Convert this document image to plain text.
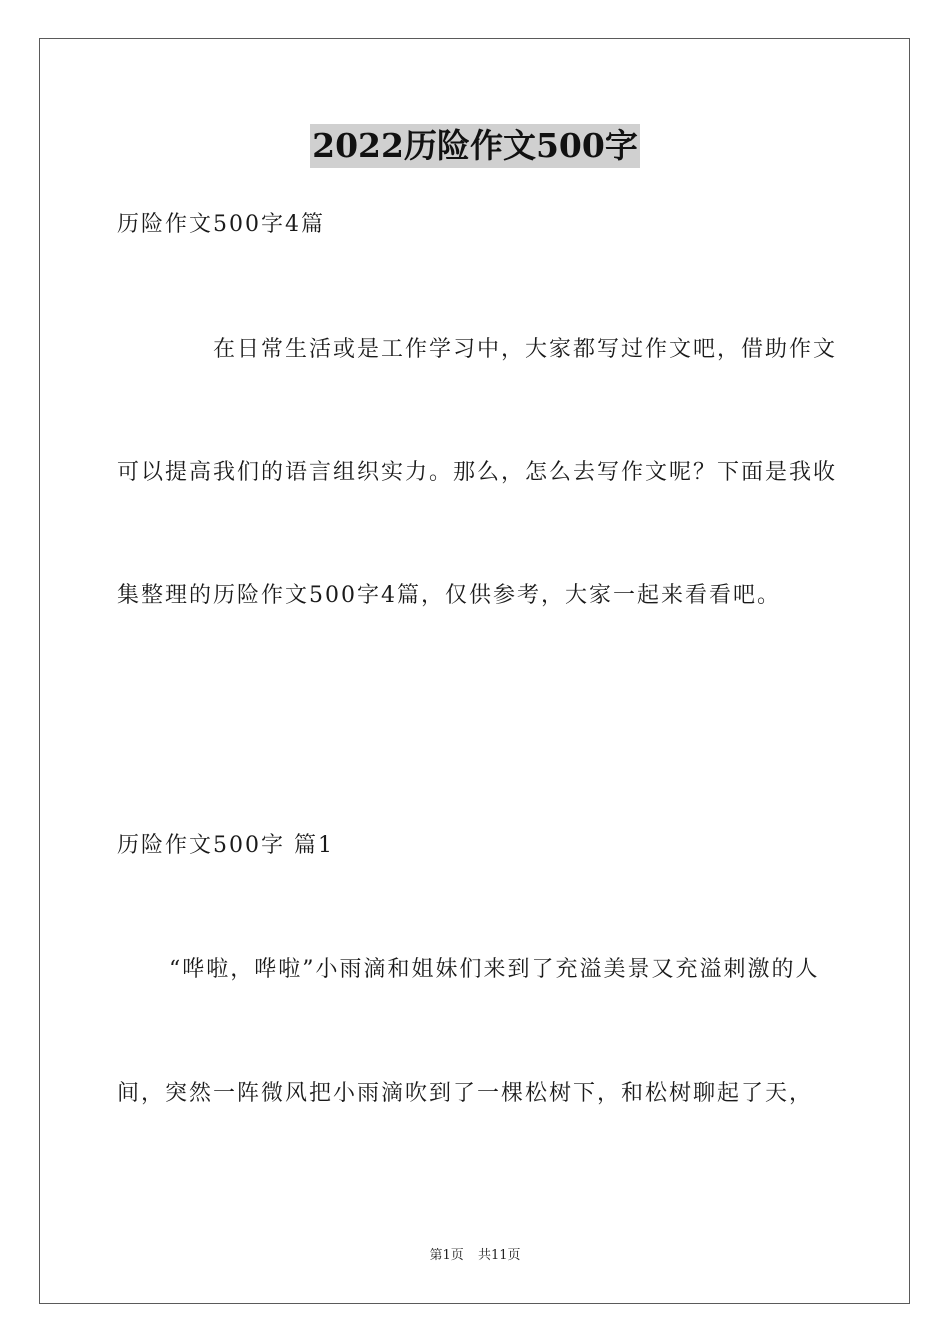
2022历险作文500字
历险作文500字4篇
在日常生活或是工作学习中，大家都写过作文吧，借助作文
可以提高我们的语言组织实力。那么，怎么去写作文呢？下面是我收
集整理的历险作文500字4篇，仅供参考，大家一起来看看吧。
历险作文500字 篇1
“哗啦，哗啦”小雨滴和姐妹们来到了充溢美景又充溢刺激的人
间，突然一阵微风把小雨滴吹到了一棵松树下，和松树聊起了天，
第1页 共11页
